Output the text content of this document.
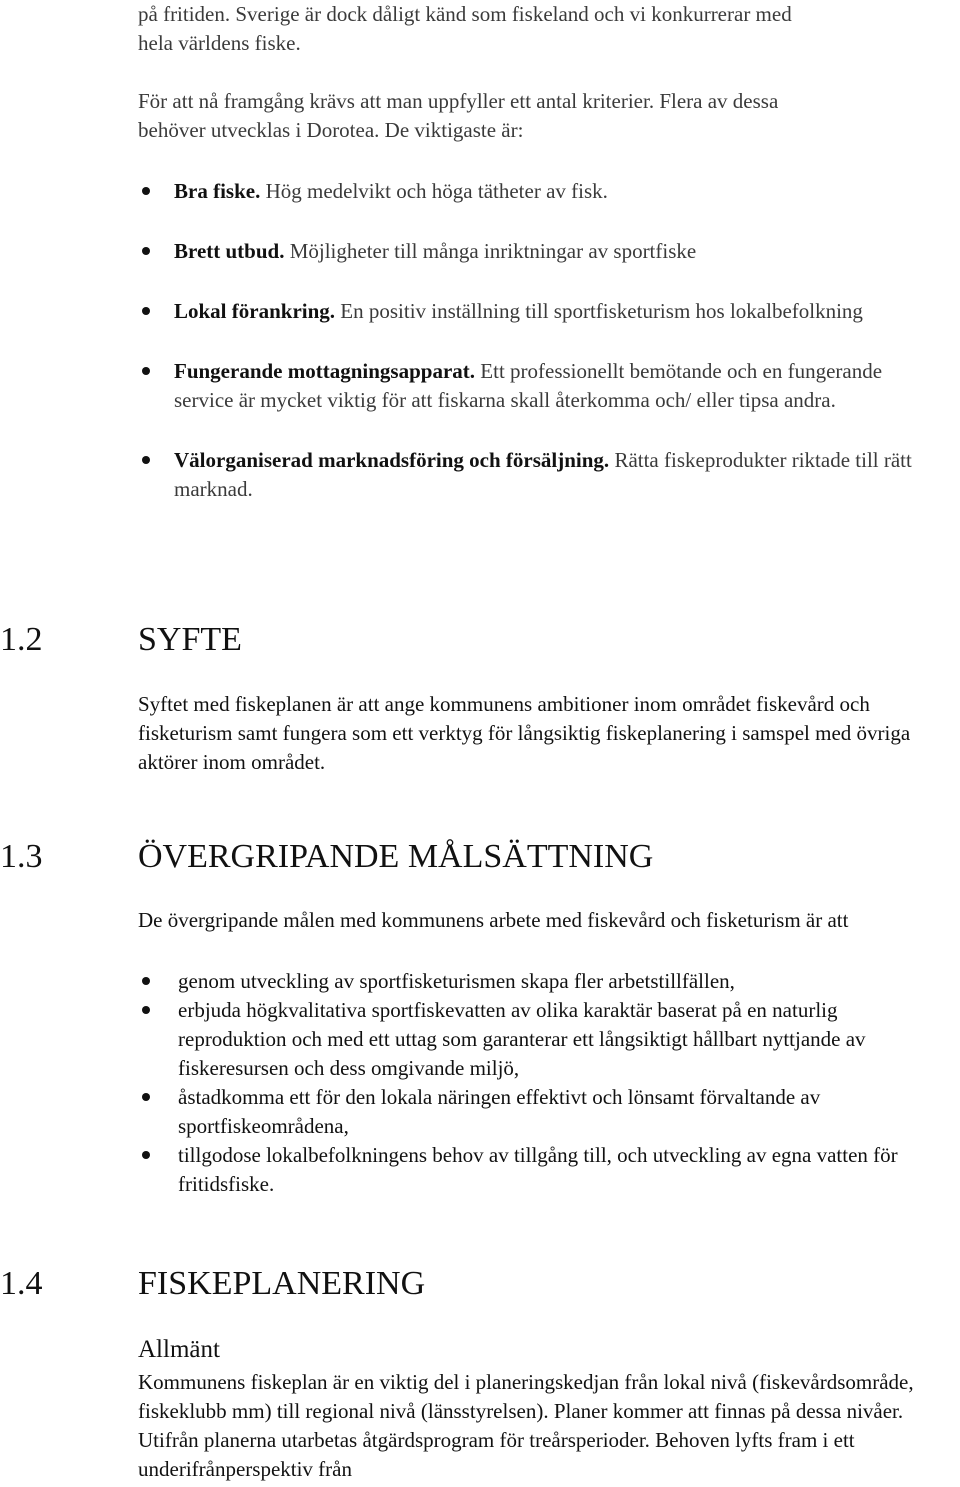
på fritiden. Sverige är dock dåligt känd som fiskeland och vi konkurrerar med
hela världens fiske.

För att nå framgång krävs att man uppfyller ett antal kriterier. Flera av dessa
behöver utvecklas i Dorotea. De viktigaste är:

Bra fiske. Hög medelvikt och höga tätheter av fisk.
Brett utbud. Möjligheter till många inriktningar av sportfiske
Lokal förankring. En positiv inställning till sportfisketurism hos lokalbefolkning
Fungerande mottagningsapparat. Ett professionellt bemötande och en fungerande service är mycket viktig för att fiskarna skall återkomma och/ eller tipsa andra.
Välorganiserad marknadsföring och försäljning. Rätta fiskeprodukter riktade till rätt marknad.
1.2	SYFTE

Syftet med fiskeplanen är att ange kommunens ambitioner inom området fiskevård och fisketurism samt fungera som ett verktyg för långsiktig fiskeplanering i samspel med övriga aktörer inom området.

1.3	ÖVERGRIPANDE MÅLSÄTTNING

De övergripande målen med kommunens arbete med fiskevård och fisketurism är att

genom utveckling av sportfisketurismen skapa fler arbetstillfällen,
erbjuda högkvalitativa sportfiskevatten av olika karaktär baserat på en naturlig reproduktion och med ett uttag som garanterar ett långsiktigt hållbart nyttjande av fiskeresursen och dess omgivande miljö,
åstadkomma ett för den lokala näringen effektivt och lönsamt förvaltande av sportfiskeområdena,
tillgodose lokalbefolkningens behov av tillgång till, och utveckling av egna vatten för fritidsfiske.
1.4	FISKEPLANERING
Allmänt

Kommunens fiskeplan är en viktig del i planeringskedjan från lokal nivå (fiskevårdsområde, fiskeklubb mm) till regional nivå (länsstyrelsen). Planer kommer att finnas på dessa nivåer. Utifrån planerna utarbetas åtgärdsprogram för treårsperioder. Behoven lyfts fram i ett underifrånperspektiv från
